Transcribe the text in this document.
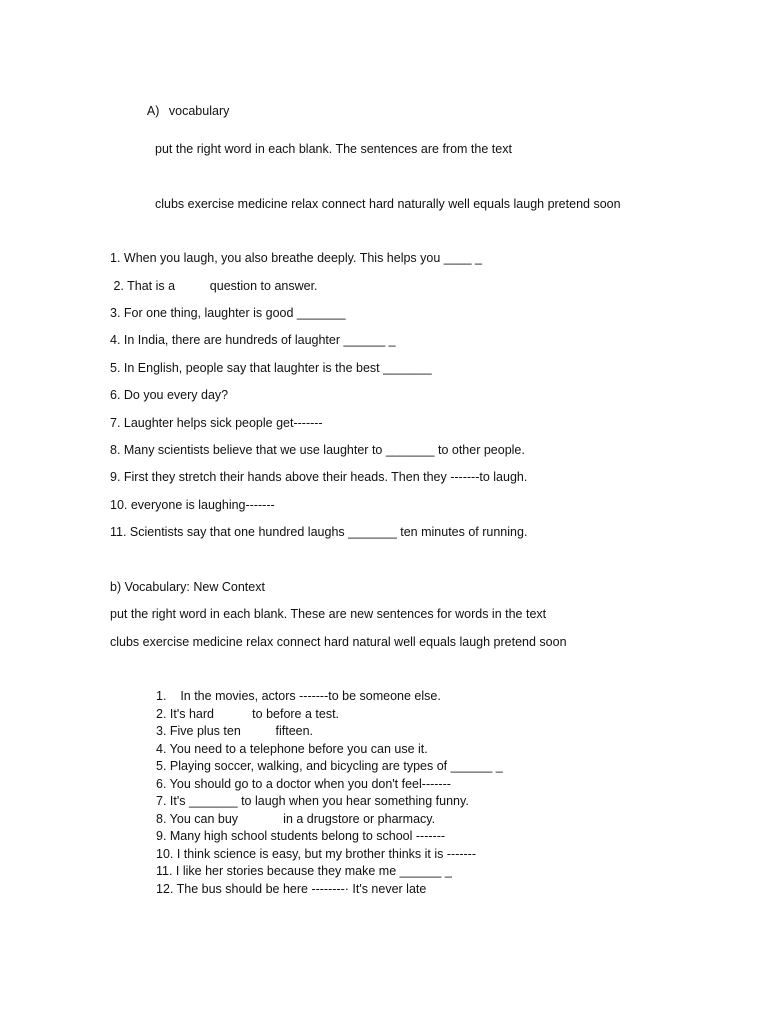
A) vocabulary

put the right word in each blank. The sentences are from the text
clubs exercise medicine relax connect hard naturally well equals laugh pretend soon
1. When you laugh, you also breathe deeply. This helps you ____ _
2. That is a          question to answer.
3. For one thing, laughter is good _______
4. In India, there are hundreds of laughter ______ _
5. In English, people say that laughter is the best _______
6. Do you every day?
7. Laughter helps sick people get-------
8. Many scientists believe that we use laughter to _______ to other people.
9. First they stretch their hands above their heads. Then they -------to laugh.
10. everyone is laughing-------
11. Scientists say that one hundred laughs _______ ten minutes of running.
b) Vocabulary: New Context
put the right word in each blank. These are new sentences for words in the text
clubs exercise medicine relax connect hard natural well equals laugh pretend soon
1.    In the movies, actors -------to be someone else.
2. It's hard           to before a test.
3. Five plus ten          fifteen.
4. You need to a telephone before you can use it.
5. Playing soccer, walking, and bicycling are types of ______ _
6. You should go to a doctor when you don't feel-------
7. It's _______ to laugh when you hear something funny.
8. You can buy             in a drugstore or pharmacy.
9. Many high school students belong to school -------
10. I think science is easy, but my brother thinks it is -------
11. I like her stories because they make me ______ _
12. The bus should be here --------· It's never late
